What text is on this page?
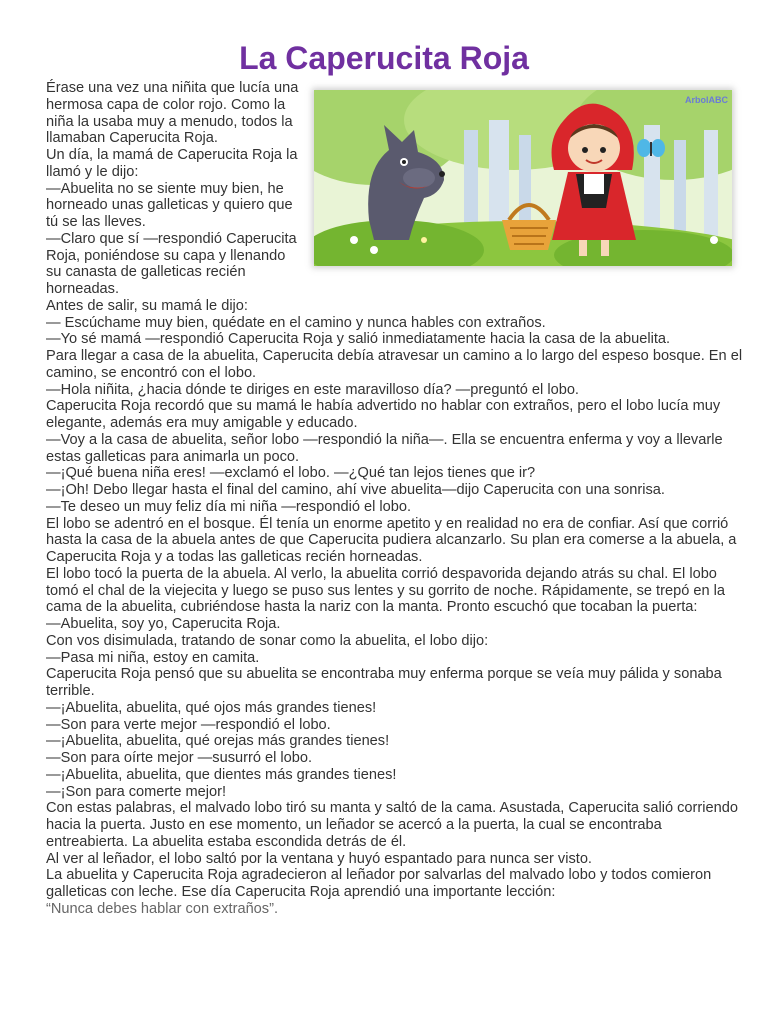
La Caperucita Roja
ArbolABC

Érase una vez una niñita que lucía una hermosa capa de color rojo. Como la niña la usaba muy a menudo, todos la llamaban Caperucita Roja.

Un día, la mamá de Caperucita Roja la llamó y le dijo:

—Abuelita no se siente muy bien, he horneado unas galleticas y quiero que tú se las lleves.

—Claro que sí —respondió Caperucita Roja, poniéndose su capa y llenando su canasta de galleticas recién horneadas.

Antes de salir, su mamá le dijo:

— Escúchame muy bien, quédate en el camino y nunca hables con extraños.

—Yo sé mamá —respondió Caperucita Roja y salió inmediatamente hacia la casa de la abuelita.

Para llegar a casa de la abuelita, Caperucita debía atravesar un camino a lo largo del espeso bosque. En el camino, se encontró con el lobo.

—Hola niñita, ¿hacia dónde te diriges en este maravilloso día? —preguntó el lobo.

Caperucita Roja recordó que su mamá le había advertido no hablar con extraños, pero el lobo lucía muy elegante, además era muy amigable y educado.

—Voy a la casa de abuelita, señor lobo —respondió la niña—. Ella se encuentra enferma y voy a llevarle estas galleticas para animarla un poco.

—¡Qué buena niña eres! —exclamó el lobo. —¿Qué tan lejos tienes que ir?

—¡Oh! Debo llegar hasta el final del camino, ahí vive abuelita—dijo Caperucita con una sonrisa.

—Te deseo un muy feliz día mi niña —respondió el lobo.

El lobo se adentró en el bosque. Él tenía un enorme apetito y en realidad no era de confiar. Así que corrió hasta la casa de la abuela antes de que Caperucita pudiera alcanzarlo. Su plan era comerse a la abuela, a Caperucita Roja y a todas las galleticas recién horneadas.

El lobo tocó la puerta de la abuela. Al verlo, la abuelita corrió despavorida dejando atrás su chal. El lobo tomó el chal de la viejecita y luego se puso sus lentes y su gorrito de noche. Rápidamente, se trepó en la cama de la abuelita, cubriéndose hasta la nariz con la manta. Pronto escuchó que tocaban la puerta:

—Abuelita, soy yo, Caperucita Roja.

Con vos disimulada, tratando de sonar como la abuelita, el lobo dijo:

—Pasa mi niña, estoy en camita.

Caperucita Roja pensó que su abuelita se encontraba muy enferma porque se veía muy pálida y sonaba terrible.

—¡Abuelita, abuelita, qué ojos más grandes tienes!

—Son para verte mejor —respondió el lobo.

—¡Abuelita, abuelita, qué orejas más grandes tienes!

—Son para oírte mejor —susurró el lobo.

—¡Abuelita, abuelita, que dientes más grandes tienes!

—¡Son para comerte mejor!

Con estas palabras, el malvado lobo tiró su manta y saltó de la cama. Asustada, Caperucita salió corriendo hacia la puerta. Justo en ese momento, un leñador se acercó a la puerta, la cual se encontraba entreabierta. La abuelita estaba escondida detrás de él.

Al ver al leñador, el lobo saltó por la ventana y huyó espantado para nunca ser visto.

La abuelita y Caperucita Roja agradecieron al leñador por salvarlas del malvado lobo y todos comieron galleticas con leche. Ese día Caperucita Roja aprendió una importante lección:

“Nunca debes hablar con extraños”.
